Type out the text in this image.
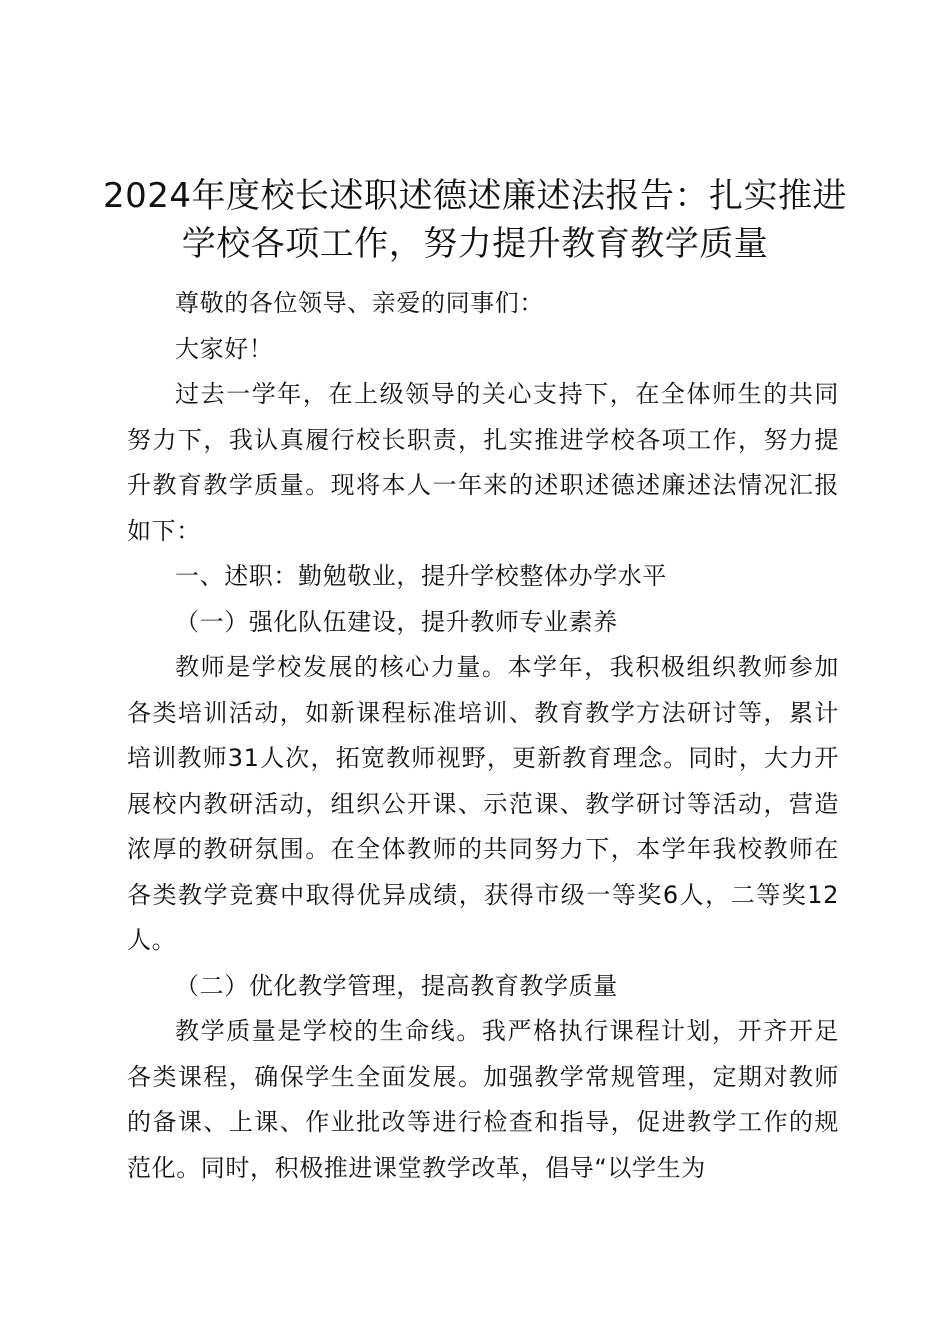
2024年度校长述职述德述廉述法报告：扎实推进学校各项工作，努力提升教育教学质量

尊敬的各位领导、亲爱的同事们：

大家好！

过去一学年，在上级领导的关心支持下，在全体师生的共同努力下，我认真履行校长职责，扎实推进学校各项工作，努力提升教育教学质量。现将本人一年来的述职述德述廉述法情况汇报如下：

一、述职：勤勉敬业，提升学校整体办学水平

（一）强化队伍建设，提升教师专业素养

教师是学校发展的核心力量。本学年，我积极组织教师参加各类培训活动，如新课程标准培训、教育教学方法研讨等，累计培训教师31人次，拓宽教师视野，更新教育理念。同时，大力开展校内教研活动，组织公开课、示范课、教学研讨等活动，营造浓厚的教研氛围。在全体教师的共同努力下，本学年我校教师在各类教学竞赛中取得优异成绩，获得市级一等奖6人，二等奖12人。

（二）优化教学管理，提高教育教学质量

教学质量是学校的生命线。我严格执行课程计划，开齐开足各类课程，确保学生全面发展。加强教学常规管理，定期对教师的备课、上课、作业批改等进行检查和指导，促进教学工作的规范化。同时，积极推进课堂教学改革，倡导“以学生为
